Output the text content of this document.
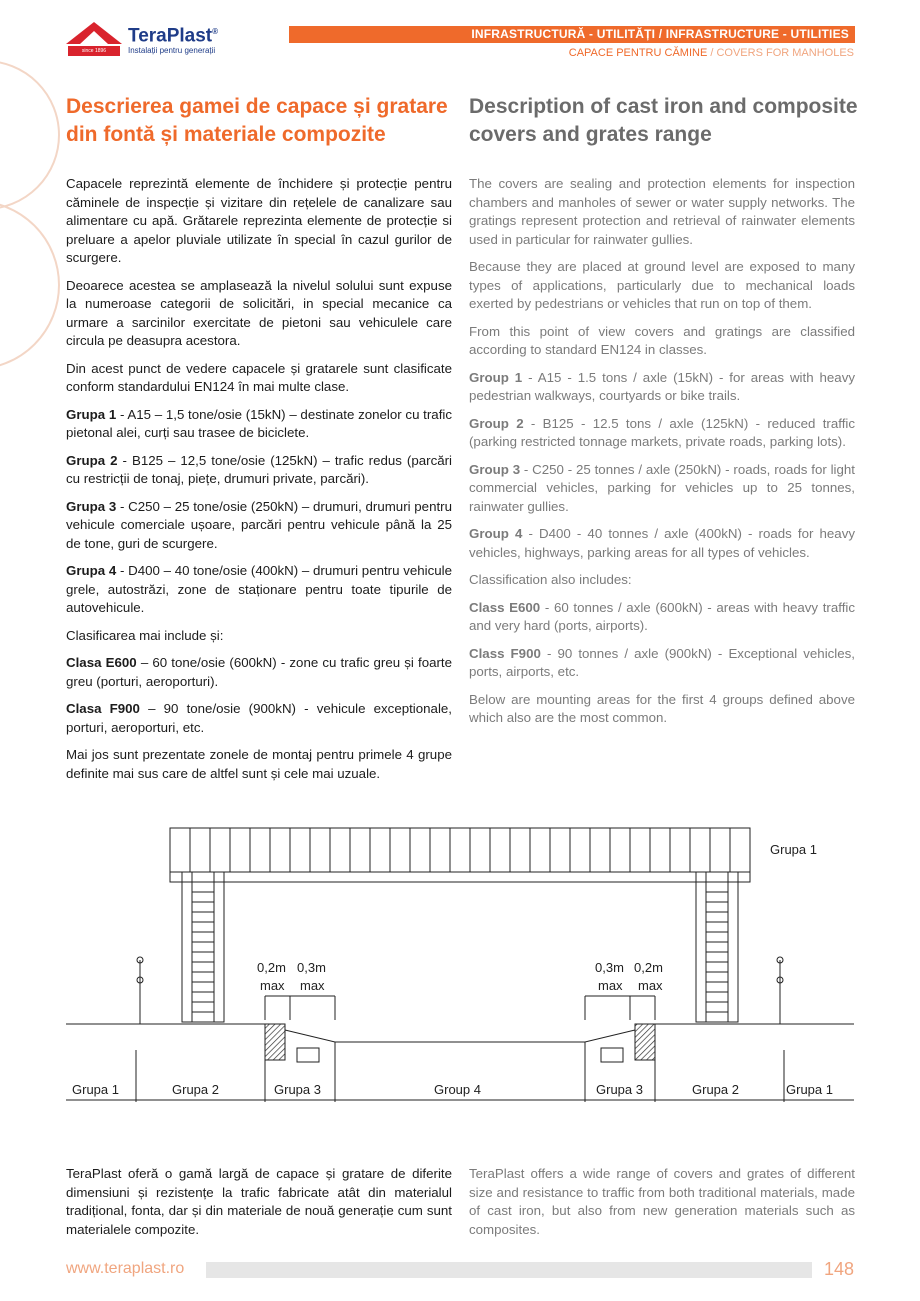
since 1896
TeraPlast®
Instalații pentru generații
INFRASTRUCTURĂ - UTILITĂȚI / INFRASTRUCTURE - UTILITIES
CAPACE PENTRU CĂMINE / COVERS FOR MANHOLES
Descrierea gamei de capace și gratare din fontă și materiale compozite
Description of cast iron and composite covers and grates range

Capacele reprezintă elemente de închidere și protecție pentru căminele de inspecție și vizitare din rețelele de canalizare sau alimentare cu apă. Grătarele reprezinta elemente de protecție si preluare a apelor pluviale utilizate în special în cazul gurilor de scurgere.

Deoarece acestea se amplasează la nivelul solului sunt expuse la numeroase categorii de solicitări, in special mecanice ca urmare a sarcinilor exercitate de pietoni sau vehiculele care circula pe deasupra acestora.

Din acest punct de vedere capacele și gratarele sunt clasificate conform standardului EN124 în mai multe clase.

Grupa 1 - A15 – 1,5 tone/osie (15kN) – destinate zonelor cu trafic pietonal alei, curți sau trasee de biciclete.

Grupa 2 - B125 – 12,5 tone/osie (125kN) – trafic redus (parcări cu restricții de tonaj, piețe, drumuri private, parcări).

Grupa 3 - C250 – 25 tone/osie (250kN) – drumuri, drumuri pentru vehicule comerciale ușoare, parcări pentru vehicule până la 25 de tone, guri de scurgere.

Grupa 4 - D400 – 40 tone/osie (400kN) – drumuri pentru vehicule grele, autostrăzi, zone de staționare pentru toate tipurile de autovehicule.

Clasificarea mai include și:

Clasa E600 – 60 tone/osie (600kN) - zone cu trafic greu și foarte greu (porturi, aeroporturi).

Clasa F900 – 90 tone/osie (900kN) - vehicule exceptionale, porturi, aeroporturi, etc.

Mai jos sunt prezentate zonele de montaj pentru primele 4 grupe definite mai sus care de altfel sunt și cele mai uzuale.

The covers are sealing and protection elements for inspection chambers and manholes of sewer or water supply networks. The gratings represent protection and retrieval of rainwater elements used in particular for rainwater gullies.

Because they are placed at ground level are exposed to many types of applications, particularly due to mechanical loads exerted by pedestrians or vehicles that run on top of them.

From this point of view covers and gratings are classified according to standard EN124 in classes.

Group 1 - A15 - 1.5 tons / axle (15kN) - for areas with heavy pedestrian walkways, courtyards or bike trails.

Group 2 - B125 - 12.5 tons / axle (125kN) - reduced traffic (parking restricted tonnage markets, private roads, parking lots).

Group 3 - C250 - 25 tonnes / axle (250kN) - roads, roads for light commercial vehicles, parking for vehicles up to 25 tonnes, rainwater gullies.

Group 4 - D400 - 40 tonnes / axle (400kN) - roads for heavy vehicles, highways, parking areas for all types of vehicles.

Classification also includes:

Class E600 - 60 tonnes / axle (600kN) - areas with heavy traffic and very hard (ports, airports).

Class F900 - 90 tonnes / axle (900kN) - Exceptional vehicles, ports, airports, etc.

Below are mounting areas for the first 4 groups defined above which also are the most common.

Grupa 1
0,2m 0,3m
max max
0,3m 0,2m
max max
Grupa 1	Grupa 2	Grupa 3	Group 4	Grupa 3	Grupa 2	Grupa 1

TeraPlast oferă o gamă largă de capace și gratare de diferite dimensiuni și rezistențe la trafic fabricate atât din materialul tradițional, fonta, dar și din materiale de nouă generație cum sunt materialele compozite.

TeraPlast offers a wide range of covers and grates of different size and resistance to traffic from both traditional materials, made of cast iron, but also from new generation materials such as composites.

www.teraplast.ro	148
